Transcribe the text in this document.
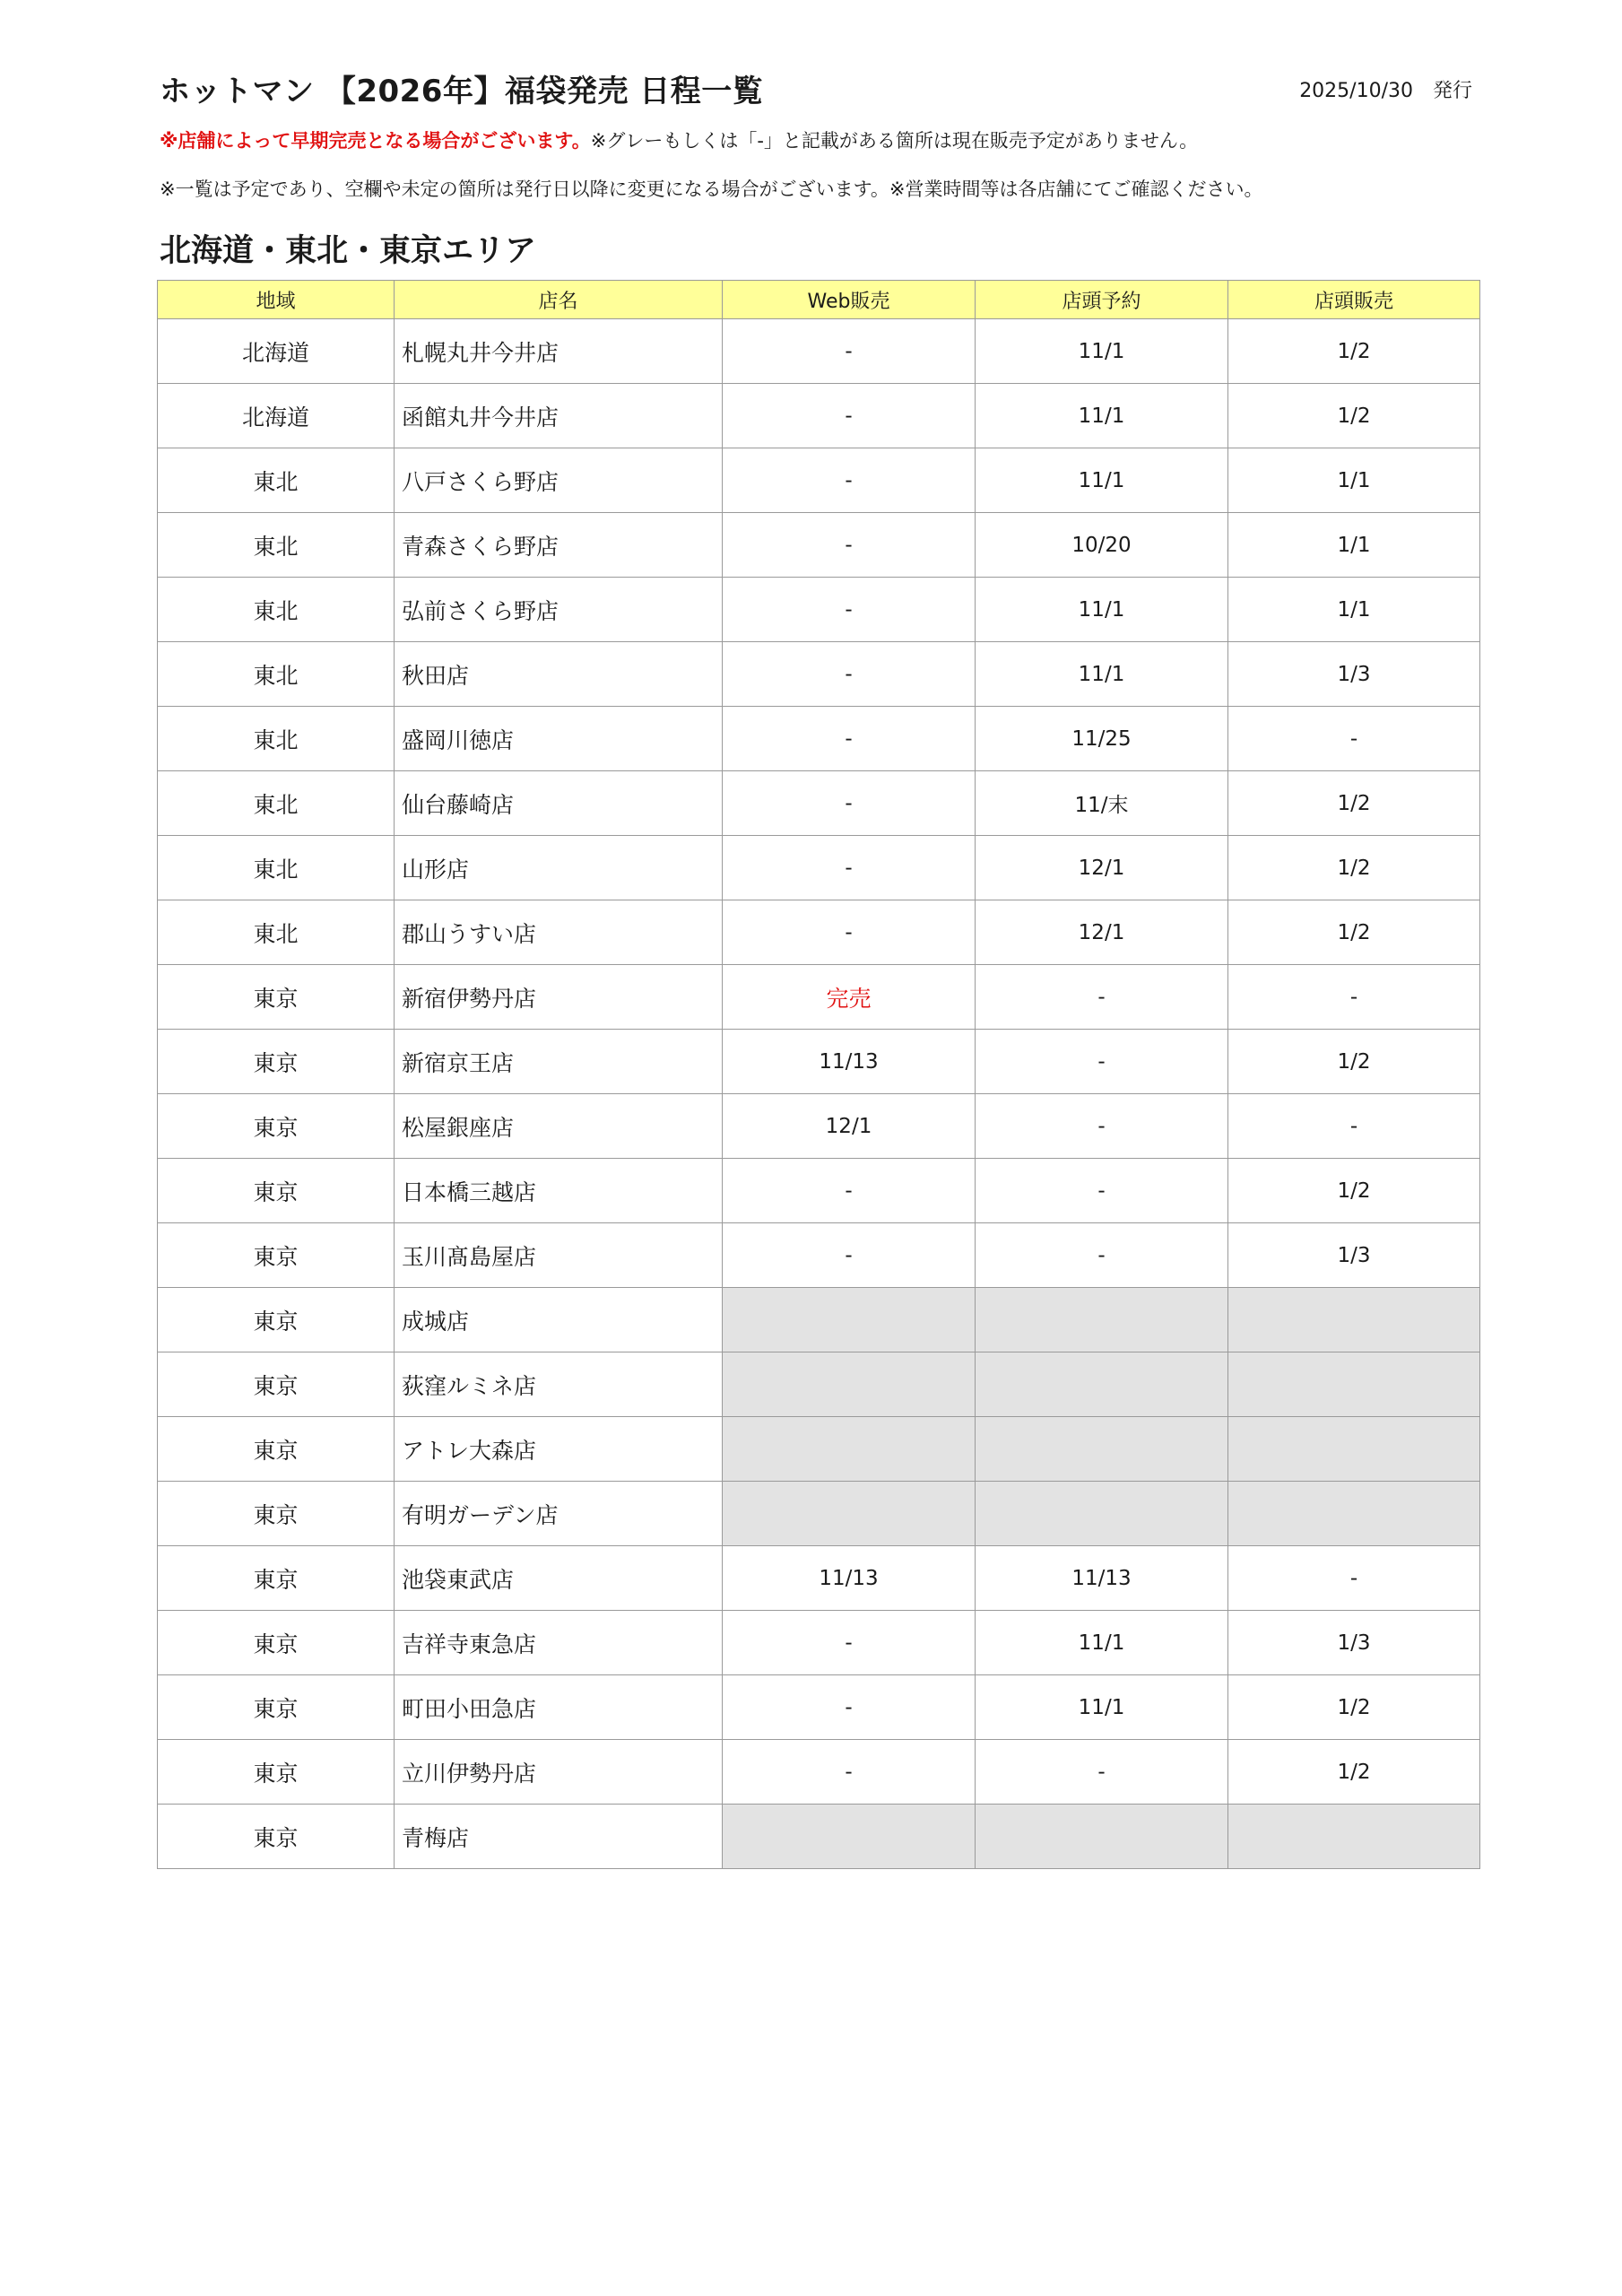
ホットマン 【2026年】福袋発売 日程一覧	2025/10/30　発行
※店舗によって早期完売となる場合がございます。※グレーもしくは「-」と記載がある箇所は現在販売予定がありません。
※一覧は予定であり、空欄や未定の箇所は発行日以降に変更になる場合がございます。※営業時間等は各店舗にてご確認ください。
北海道・東北・東京エリア
地域	店名	Web販売	店頭予約	店頭販売
北海道	札幌丸井今井店	-	11/1	1/2
北海道	函館丸井今井店	-	11/1	1/2
東北	八戸さくら野店	-	11/1	1/1
東北	青森さくら野店	-	10/20	1/1
東北	弘前さくら野店	-	11/1	1/1
東北	秋田店	-	11/1	1/3
東北	盛岡川徳店	-	11/25	-
東北	仙台藤崎店	-	11/末	1/2
東北	山形店	-	12/1	1/2
東北	郡山うすい店	-	12/1	1/2
東京	新宿伊勢丹店	完売	-	-
東京	新宿京王店	11/13	-	1/2
東京	松屋銀座店	12/1	-	-
東京	日本橋三越店	-	-	1/2
東京	玉川髙島屋店	-	-	1/3
東京	成城店			
東京	荻窪ルミネ店			
東京	アトレ大森店			
東京	有明ガーデン店			
東京	池袋東武店	11/13	11/13	-
東京	吉祥寺東急店	-	11/1	1/3
東京	町田小田急店	-	11/1	1/2
東京	立川伊勢丹店	-	-	1/2
東京	青梅店			
